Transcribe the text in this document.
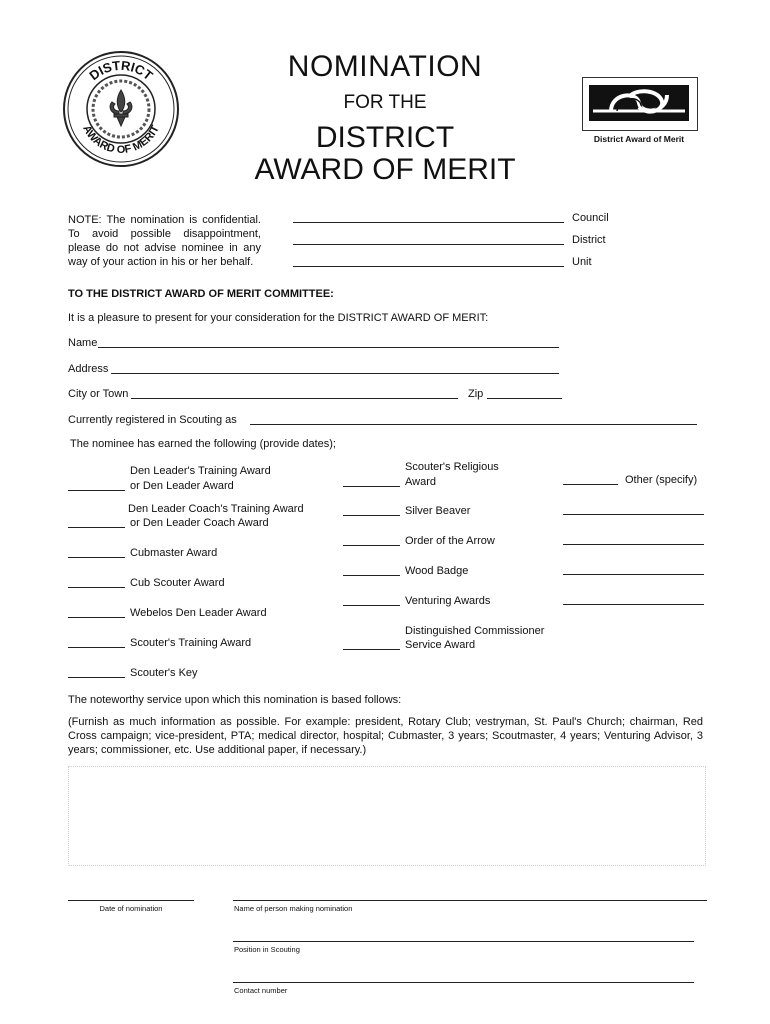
DISTRICT
AWARD OF MERIT
NOMINATION
FOR THE
DISTRICT
AWARD OF MERIT
District Award of Merit
NOTE: The nomination is confidential. To avoid possible disappointment, please do not advise nominee in any way of your action in his or her behalf.
Council
District
Unit
TO THE DISTRICT AWARD OF MERIT COMMITTEE:
It is a pleasure to present for your consideration for the DISTRICT AWARD OF MERIT:
Name
Address
City or Town	Zip
Currently registered in Scouting as
The nominee has earned the following (provide dates);
Den Leader's Training Award
or Den Leader Award
Den Leader Coach's Training Award
or Den Leader Coach Award
Cubmaster Award
Cub Scouter Award
Webelos Den Leader Award
Scouter's Training Award
Scouter's Key
Scouter's Religious
Award
Silver Beaver
Order of the Arrow
Wood Badge
Venturing Awards
Distinguished Commissioner
Service Award
Other (specify)
The noteworthy service upon which this nomination is based follows:
(Furnish as much information as possible. For example: president, Rotary Club; vestryman, St. Paul's Church; chairman, Red Cross campaign; vice-president, PTA; medical director, hospital; Cubmaster, 3 years; Scoutmaster, 4 years; Venturing Advisor, 3 years; commissioner, etc. Use additional paper, if necessary.)
Date of nomination	Name of person making nomination
Position in Scouting
Contact number
